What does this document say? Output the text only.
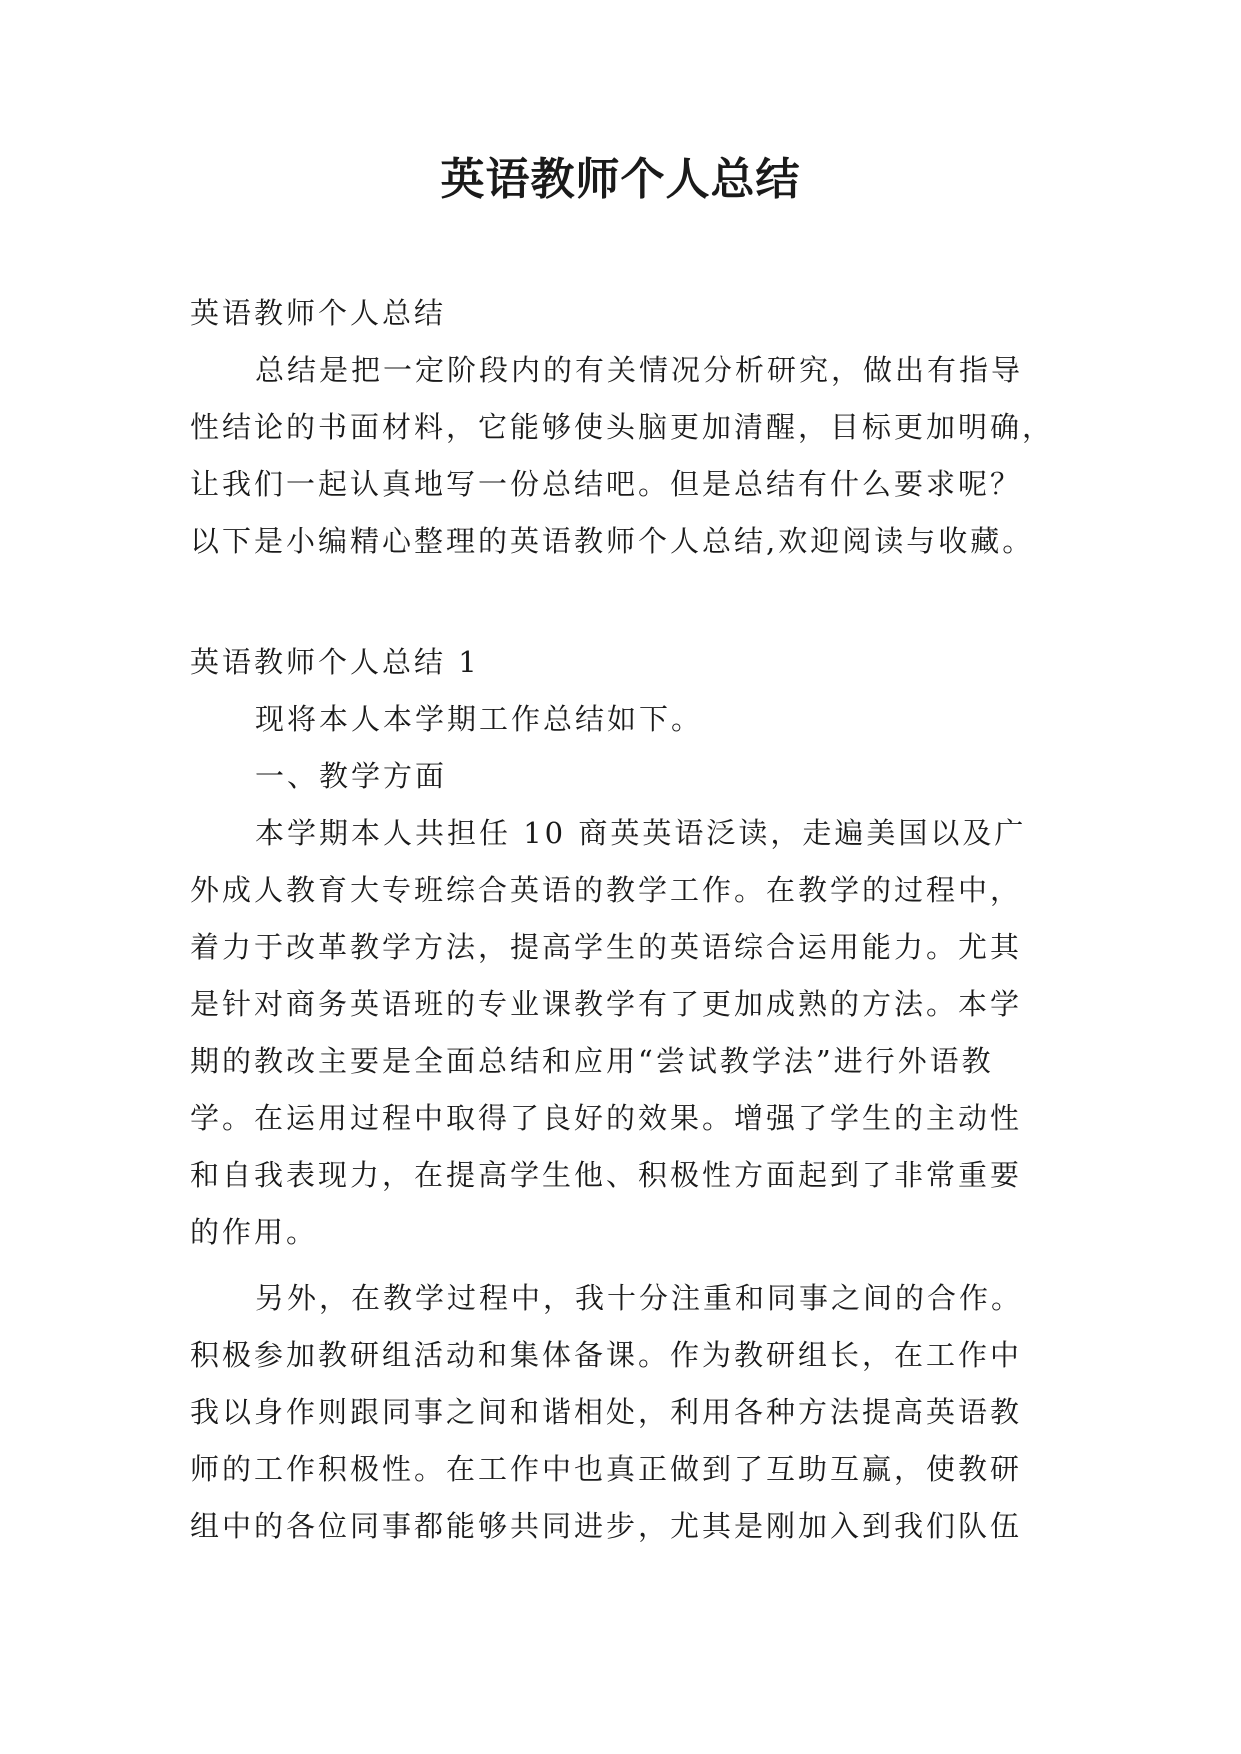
英语教师个人总结
英语教师个人总结
总结是把一定阶段内的有关情况分析研究，做出有指导
性结论的书面材料，它能够使头脑更加清醒，目标更加明确，
让我们一起认真地写一份总结吧。但是总结有什么要求呢？
以下是小编精心整理的英语教师个人总结,欢迎阅读与收藏。
英语教师个人总结 1
现将本人本学期工作总结如下。
一、教学方面
本学期本人共担任 10 商英英语泛读，走遍美国以及广
外成人教育大专班综合英语的教学工作。在教学的过程中，
着力于改革教学方法，提高学生的英语综合运用能力。尤其
是针对商务英语班的专业课教学有了更加成熟的方法。本学
期的教改主要是全面总结和应用“尝试教学法”进行外语教
学。在运用过程中取得了良好的效果。增强了学生的主动性
和自我表现力，在提高学生他、积极性方面起到了非常重要
的作用。
另外，在教学过程中，我十分注重和同事之间的合作。
积极参加教研组活动和集体备课。作为教研组长，在工作中
我以身作则跟同事之间和谐相处，利用各种方法提高英语教
师的工作积极性。在工作中也真正做到了互助互赢，使教研
组中的各位同事都能够共同进步，尤其是刚加入到我们队伍
